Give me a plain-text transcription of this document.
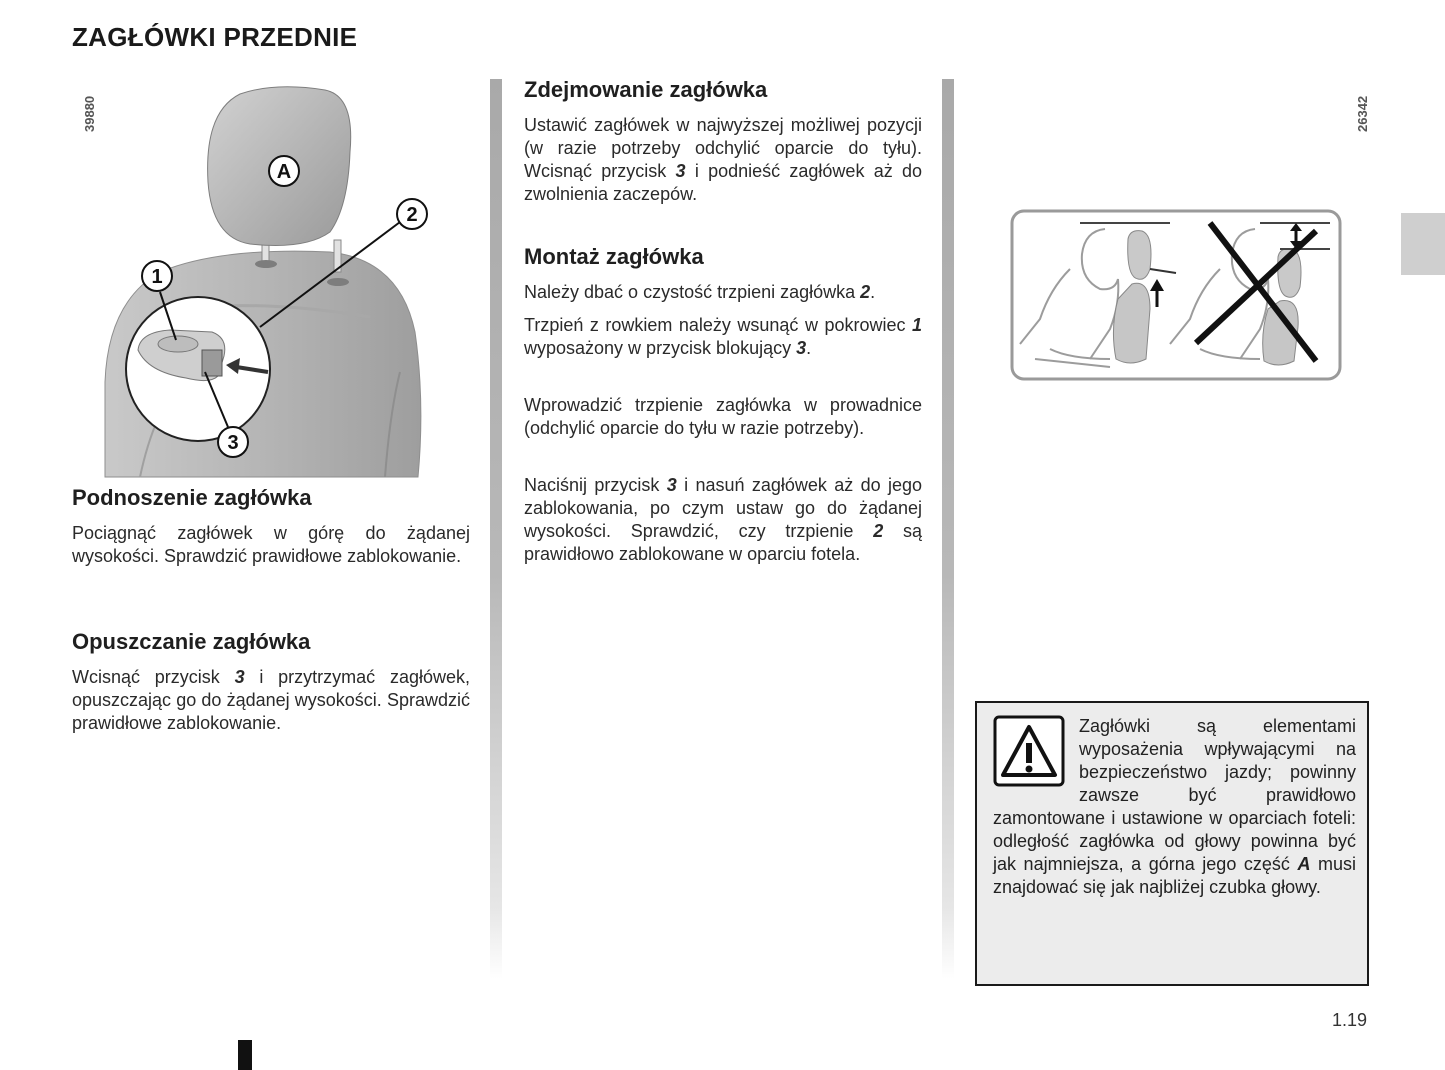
ZAGŁÓWKI PRZEDNIE
39880
A
2
1
3
Podnoszenie zagłówka

Pociągnąć zagłówek w górę do żądanej wysokości. Sprawdzić prawidłowe zablokowanie.

Opuszczanie zagłówka

Wcisnąć przycisk 3 i przytrzymać zagłówek, opuszczając go do żądanej wysokości. Sprawdzić prawidłowe zablokowanie.

Zdejmowanie zagłówka

Ustawić zagłówek w najwyższej możliwej pozycji (w razie potrzeby odchylić oparcie do tyłu). Wcisnąć przycisk 3 i podnieść zagłówek aż do zwolnienia zaczepów.

Montaż zagłówka

Należy dbać o czystość trzpieni zagłówka 2.

Trzpień z rowkiem należy wsunąć w pokrowiec 1 wyposażony w przycisk blokujący 3.

Wprowadzić trzpienie zagłówka w prowadnice (odchylić oparcie do tyłu w razie potrzeby).

Naciśnij przycisk 3 i nasuń zagłówek aż do jego zablokowania, po czym ustaw go do żądanej wysokości. Sprawdzić, czy trzpienie 2 są prawidłowo zablokowane w oparciu fotela.

26342
Zagłówki są elementami wyposażenia wpływającymi na bezpieczeństwo jazdy; powinny zawsze być prawidłowo zamontowane i ustawione w oparciach foteli: odległość zagłówka od głowy powinna być jak najmniejsza, a górna jego część A musi znajdować się jak najbliżej czubka głowy.
1.19
